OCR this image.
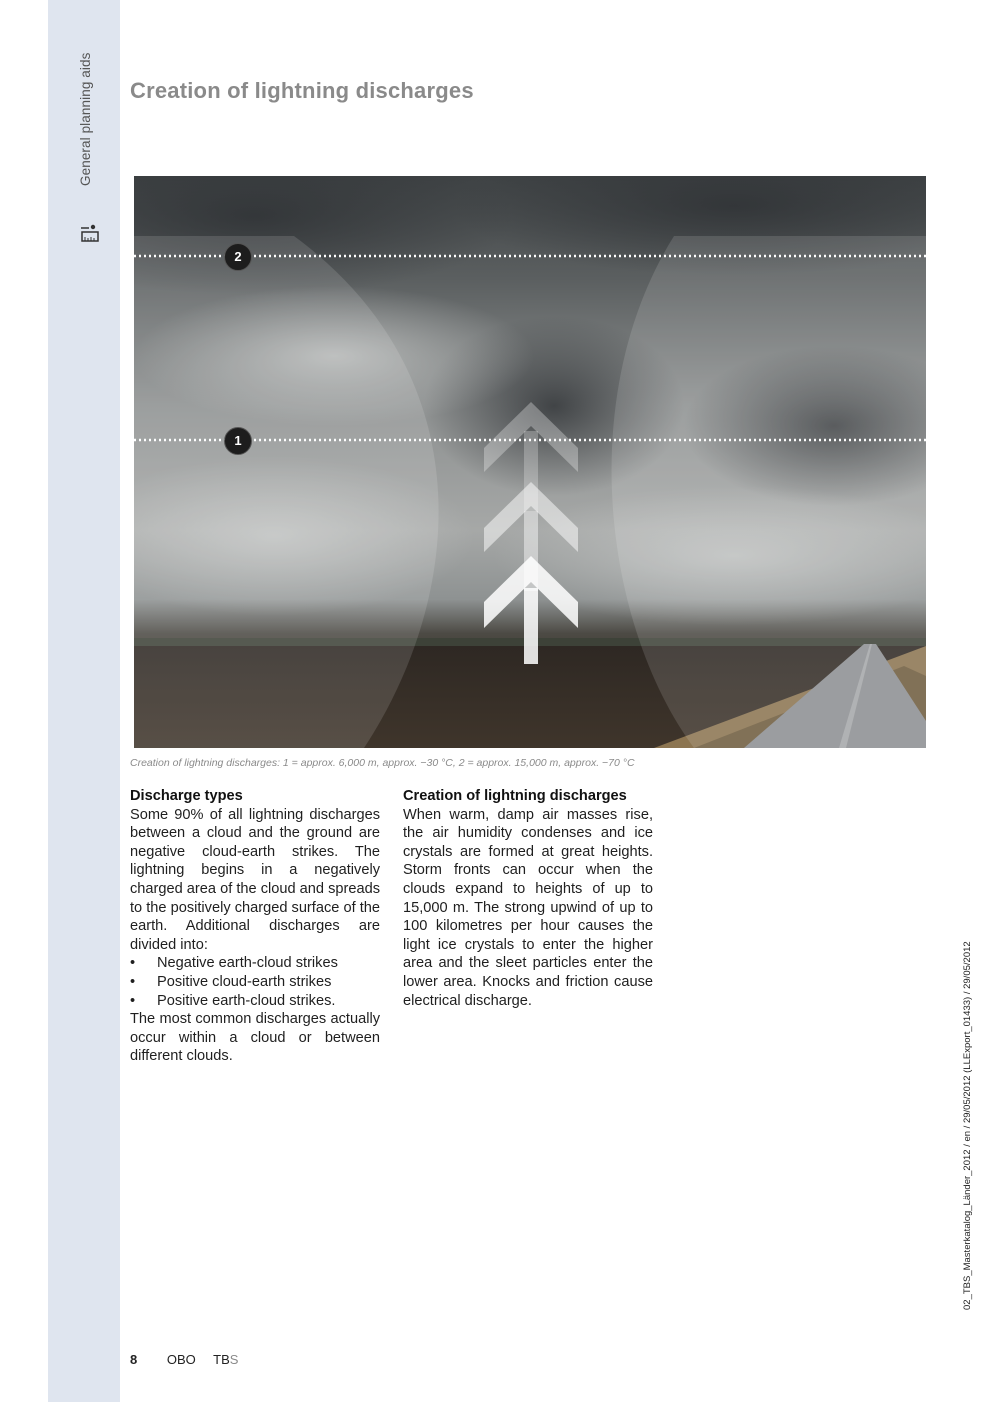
General planning aids Creation of lightning discharges
2
1
Creation of lightning discharges: 1 = approx. 6,000 m, approx. −30 °C, 2 = approx. 15,000 m, approx. −70 °C
Discharge types

Some 90% of all lightning discharges between a cloud and the ground are negative cloud-earth strikes. The lightning begins in a negatively charged area of the cloud and spreads to the positively charged surface of the earth. Additional discharges are divided into:

• Negative earth-cloud strikes
• Positive cloud-earth strikes
• Positive earth-cloud strikes.

The most common discharges actually occur within a cloud or between different clouds.

Creation of lightning discharges

When warm, damp air masses rise, the air humidity condenses and ice crystals are formed at great heights. Storm fronts can occur when the clouds expand to heights of up to 15,000 m. The strong upwind of up to 100 kilometres per hour causes the light ice crystals to enter the higher area and the sleet particles enter the lower area. Knocks and friction cause electrical discharge.

8 OBO TBS
02_TBS_Masterkatalog_Länder_2012 / en / 29/05/2012 (LLExport_01433) / 29/05/2012
